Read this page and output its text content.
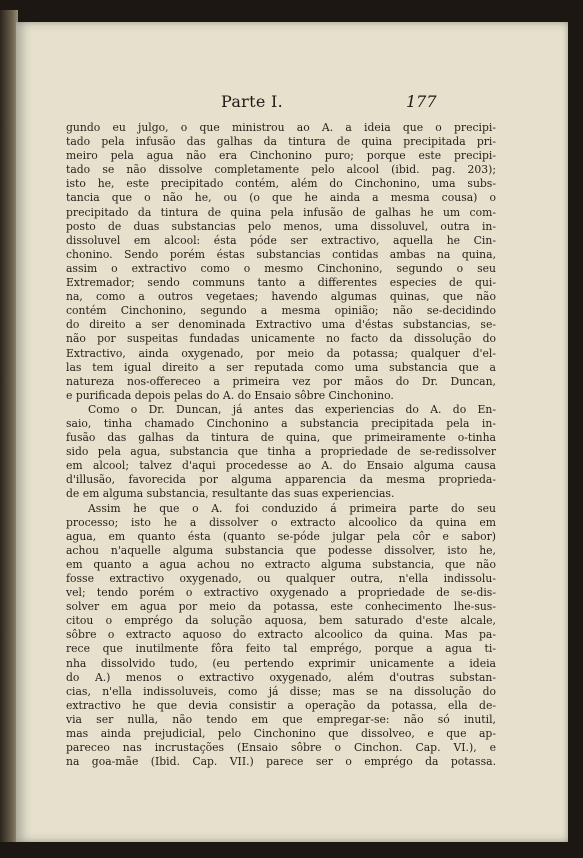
Parte I.	177
gundo eu julgo, o que ministrou ao A. a ideia que o precipi-
tado pela infusão das galhas da tintura de quina precipitada pri-
meiro pela agua não era Cinchonino puro; porque este precipi-
tado se não dissolve completamente pelo alcool (ibid. pag. 203);
isto he, este precipitado contém, além do Cinchonino, uma subs-
tancia que o não he, ou (o que he ainda a mesma cousa) o
precipitado da tintura de quina pela infusão de galhas he um com-
posto de duas substancias pelo menos, uma dissoluvel, outra in-
dissoluvel em alcool: ésta póde ser extractivo, aquella he Cin-
chonino. Sendo porém éstas substancias contidas ambas na quina,
assim o extractivo como o mesmo Cinchonino, segundo o seu
Extremador; sendo communs tanto a differentes especies de qui-
na, como a outros vegetaes; havendo algumas quinas, que não
contém Cinchonino, segundo a mesma opinião; não se-decidindo
do direito a ser denominada Extractivo uma d'éstas substancias, se-
não por suspeitas fundadas unicamente no facto da dissolução do
Extractivo, ainda oxygenado, por meio da potassa; qualquer d'el-
las tem igual direito a ser reputada como uma substancia que a
natureza nos-offereceo a primeira vez por mãos do Dr. Duncan,
e purificada depois pelas do A. do Ensaio sôbre Cinchonino.
Como o Dr. Duncan, já antes das experiencias do A. do En-
saio, tinha chamado Cinchonino a substancia precipitada pela in-
fusão das galhas da tintura de quina, que primeiramente o-tinha
sido pela agua, substancia que tinha a propriedade de se-redissolver
em alcool; talvez d'aqui procedesse ao A. do Ensaio alguma causa
d'illusão, favorecida por alguma apparencia da mesma proprieda-
de em alguma substancia, resultante das suas experiencias.
Assim he que o A. foi conduzido á primeira parte do seu
processo; isto he a dissolver o extracto alcoolico da quina em
agua, em quanto ésta (quanto se-póde julgar pela côr e sabor)
achou n'aquelle alguma substancia que podesse dissolver, isto he,
em quanto a agua achou no extracto alguma substancia, que não
fosse extractivo oxygenado, ou qualquer outra, n'ella indissolu-
vel; tendo porém o extractivo oxygenado a propriedade de se-dis-
solver em agua por meio da potassa, este conhecimento lhe-sus-
citou o emprégo da solução aquosa, bem saturado d'este alcale,
sôbre o extracto aquoso do extracto alcoolico da quina. Mas pa-
rece que inutilmente fôra feito tal emprégo, porque a agua ti-
nha dissolvido tudo, (eu pertendo exprimir unicamente a ideia
do A.) menos o extractivo oxygenado, além d'outras substan-
cias, n'ella indissoluveis, como já disse; mas se na dissolução do
extractivo he que devia consistir a operação da potassa, ella de-
via ser nulla, não tendo em que empregar-se: não só inutil,
mas ainda prejudicial, pelo Cinchonino que dissolveo, e que ap-
pareceo nas incrustações (Ensaio sôbre o Cinchon. Cap. VI.), e
na goa-mãe (Ibid. Cap. VII.) parece ser o emprégo da potassa.
